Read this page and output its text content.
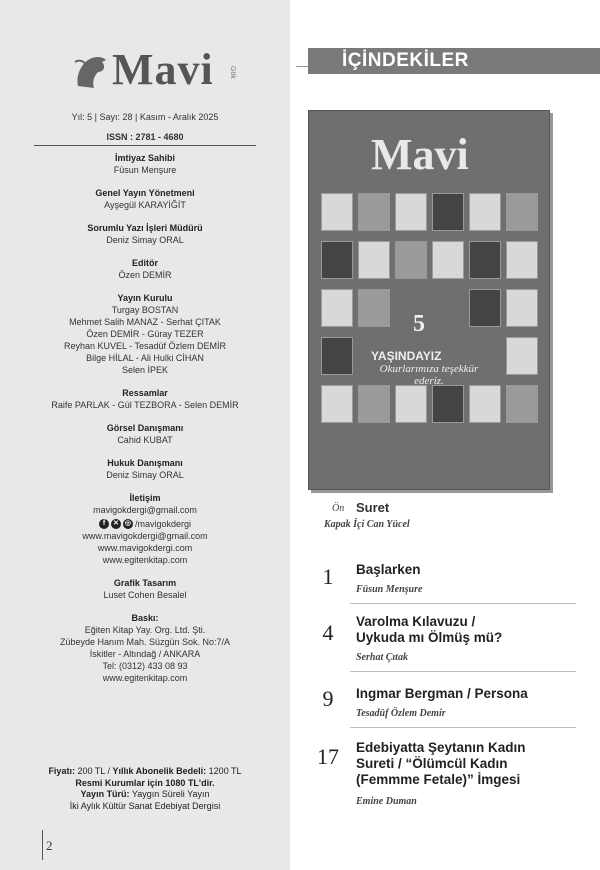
Mavi Gök
Yıl: 5 | Sayı: 28 | Kasım - Aralık 2025
ISSN : 2781 - 4680
İmtiyaz Sahibi
Füsun Menşure
Genel Yayın Yönetmeni
Ayşegül KARAYİĞİT
Sorumlu Yazı İşleri Müdürü
Deniz Simay ORAL
Editör
Özen DEMİR
Yayın Kurulu
Turgay BOSTAN
Mehmet Salih MANAZ - Serhat ÇITAK
Özen DEMİR - Güray TEZER
Reyhan KUVEL - Tesadüf Özlem DEMİR
Bilge HİLAL - Ali Hulki CİHAN
Selen İPEK
Ressamlar
Raife PARLAK - Gül TEZBORA - Selen DEMİR
Görsel Danışmanı
Cahid KUBAT
Hukuk Danışmanı
Deniz Simay ORAL
İletişim
mavigokdergi@gmail.com
f	✕ ◎ /mavigokdergi
www.mavigokdergi@gmail.com
www.mavigokdergi.com
www.egitenkitap.com
Grafik Tasarım
Luset Cohen Besalel
Baskı:
Eğiten Kitap Yay. Org. Ltd. Şti.
Zübeyde Hanım Mah. Süzgün Sok. No:7/A
İskitler - Altındağ / ANKARA
Tel: (0312) 433 08 93
www.egitenkitap.com
Fiyatı: 200 TL / Yıllık Abonelik Bedeli: 1200 TL
Resmi Kurumlar için 1080 TL'dir.
Yayın Türü: Yaygın Süreli Yayın
İki Aylık Kültür Sanat Edebiyat Dergisi
2
İÇİNDEKİLER
Mavi
5
YAŞINDAYIZ
Okurlarımıza teşekkür ederiz.
Ön Suret
Kapak İçi Can Yücel
1	Başlarken
Füsun Menşure
4	Varolma Kılavuzu / Uykuda mı Ölmüş mü?
Serhat Çıtak
9	Ingmar Bergman / Persona
Tesadüf Özlem Demir
17	Edebiyatta Şeytanın Kadın Sureti / “Ölümcül Kadın (Femmme Fetale)” İmgesi
Emine Duman
